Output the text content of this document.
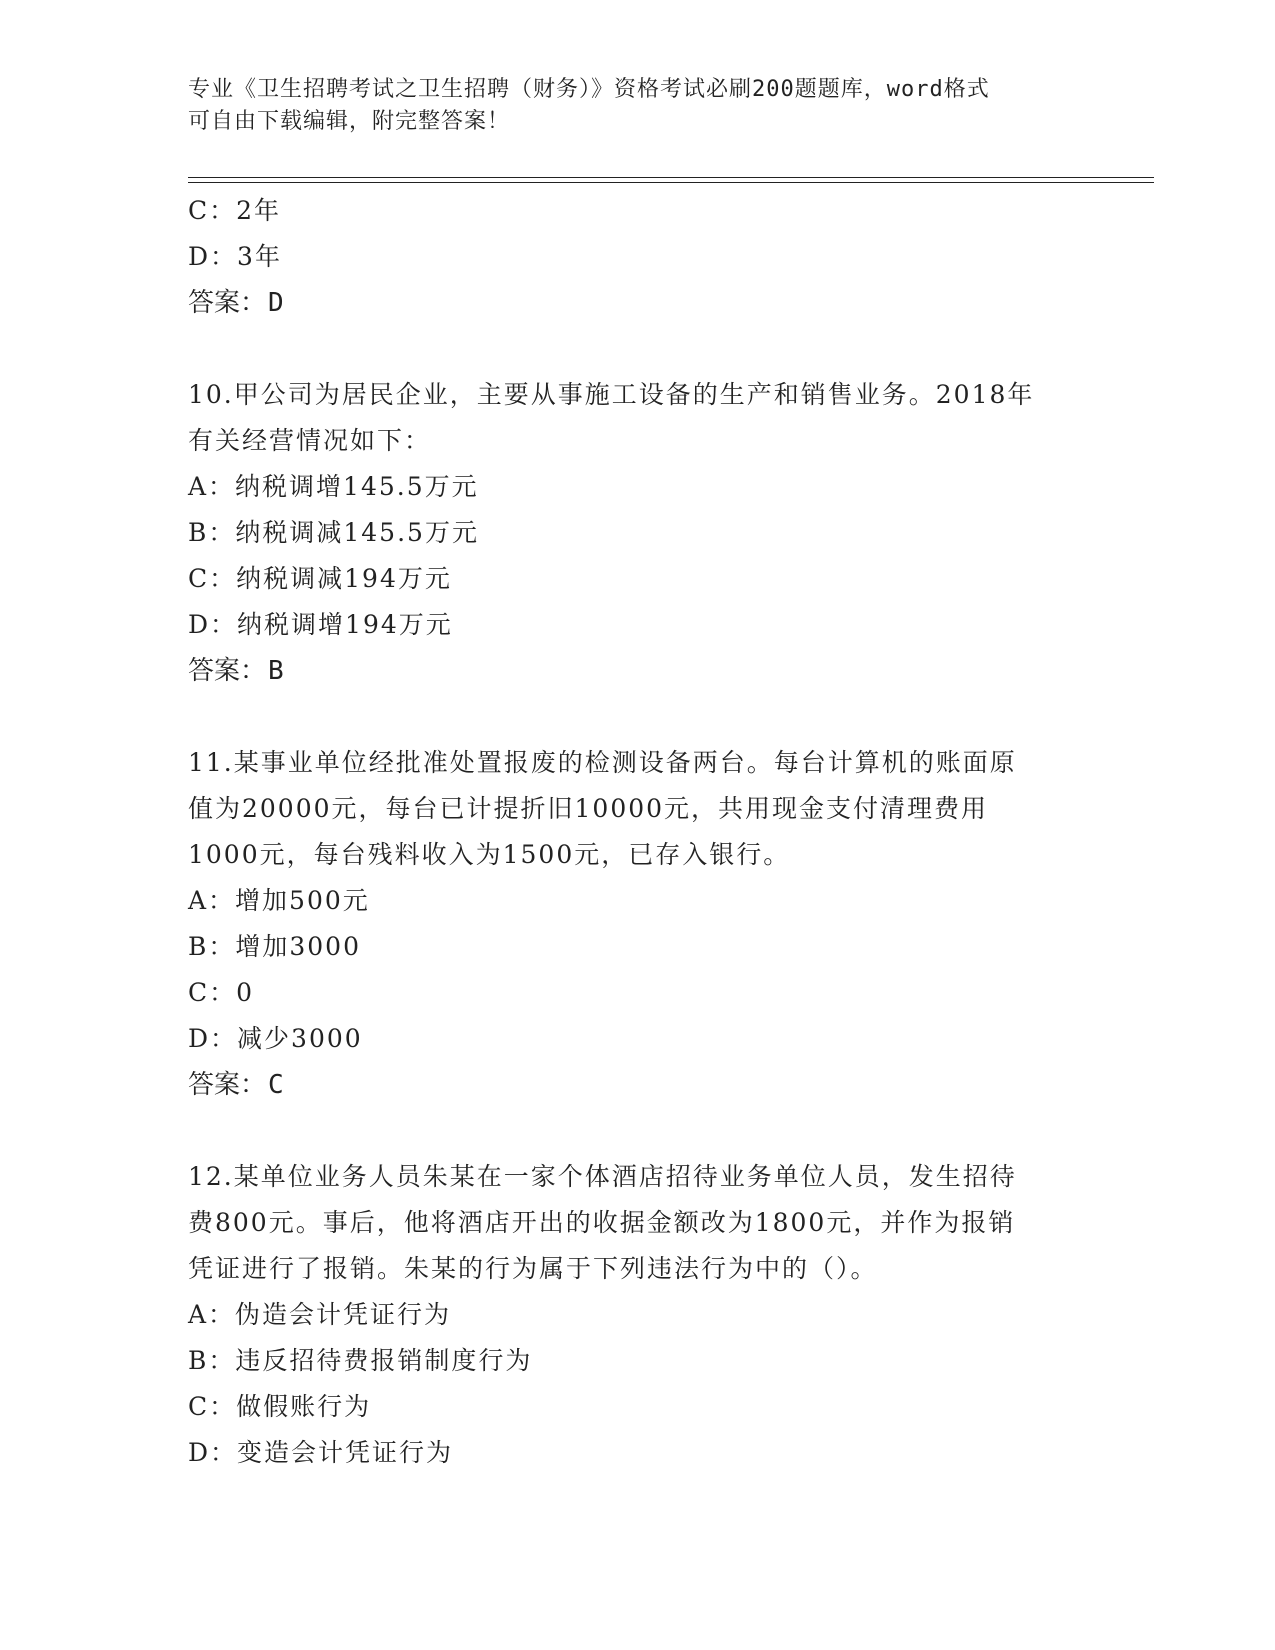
专业《卫生招聘考试之卫生招聘（财务）》资格考试必刷200题题库，word格式
可自由下载编辑，附完整答案！
C：2年
D：3年
答案：D
10.甲公司为居民企业，主要从事施工设备的生产和销售业务。2018年
有关经营情况如下：
A：纳税调增145.5万元
B：纳税调减145.5万元
C：纳税调减194万元
D：纳税调增194万元
答案：B
11.某事业单位经批准处置报废的检测设备两台。每台计算机的账面原
值为20000元，每台已计提折旧10000元，共用现金支付清理费用
1000元，每台残料收入为1500元，已存入银行。
A：增加500元
B：增加3000
C：0
D：减少3000
答案：C
12.某单位业务人员朱某在一家个体酒店招待业务单位人员，发生招待
费800元。事后，他将酒店开出的收据金额改为1800元，并作为报销
凭证进行了报销。朱某的行为属于下列违法行为中的（）。
A：伪造会计凭证行为
B：违反招待费报销制度行为
C：做假账行为
D：变造会计凭证行为
